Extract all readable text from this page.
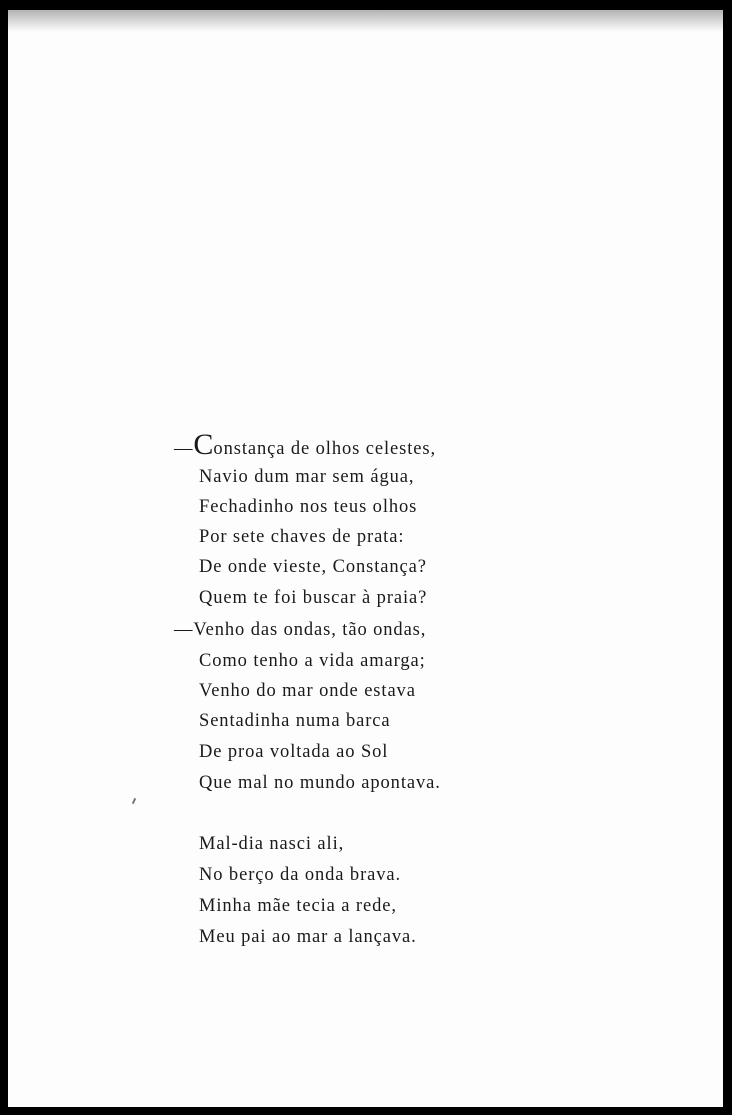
—Constança de olhos celestes,
Navio dum mar sem água,
Fechadinho nos teus olhos
Por sete chaves de prata:
De onde vieste, Constança?
Quem te foi buscar à praia?
—Venho das ondas, tão ondas,
Como tenho a vida amarga;
Venho do mar onde estava
Sentadinha numa barca
De proa voltada ao Sol
Que mal no mundo apontava.
Mal-dia nasci ali,
No berço da onda brava.
Minha mãe tecia a rede,
Meu pai ao mar a lançava.
